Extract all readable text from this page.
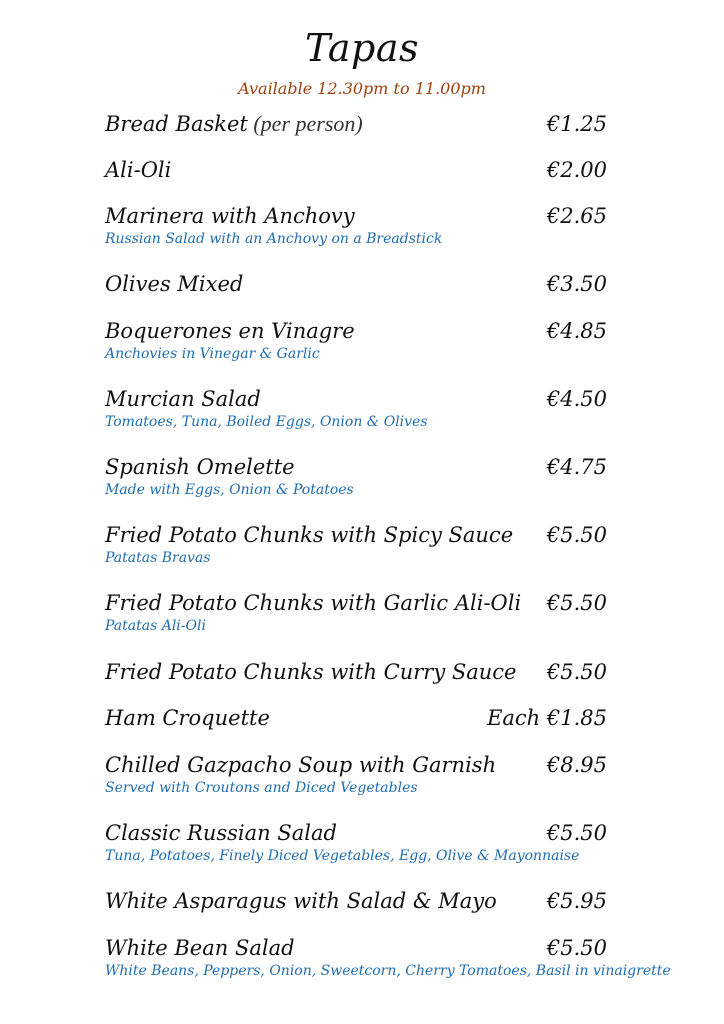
Tapas
Available 12.30pm to 11.00pm
Bread Basket (per person)	€1.25
Ali-Oli	€2.00
Marinera with Anchovy	€2.65
Russian Salad with an Anchovy on a Breadstick
Olives Mixed	€3.50
Boquerones en Vinagre	€4.85
Anchovies in Vinegar & Garlic
Murcian Salad	€4.50
Tomatoes, Tuna, Boiled Eggs, Onion & Olives
Spanish Omelette	€4.75
Made with Eggs, Onion & Potatoes
Fried Potato Chunks with Spicy Sauce	€5.50
Patatas Bravas
Fried Potato Chunks with Garlic Ali-Oli	€5.50
Patatas Ali-Oli
Fried Potato Chunks with Curry Sauce	€5.50
Ham Croquette	Each €1.85
Chilled Gazpacho Soup with Garnish	€8.95
Served with Croutons and Diced Vegetables
Classic Russian Salad	€5.50
Tuna, Potatoes, Finely Diced Vegetables, Egg, Olive & Mayonnaise
White Asparagus with Salad & Mayo	€5.95
White Bean Salad	€5.50
White Beans, Peppers, Onion, Sweetcorn, Cherry Tomatoes, Basil in vinaigrette
